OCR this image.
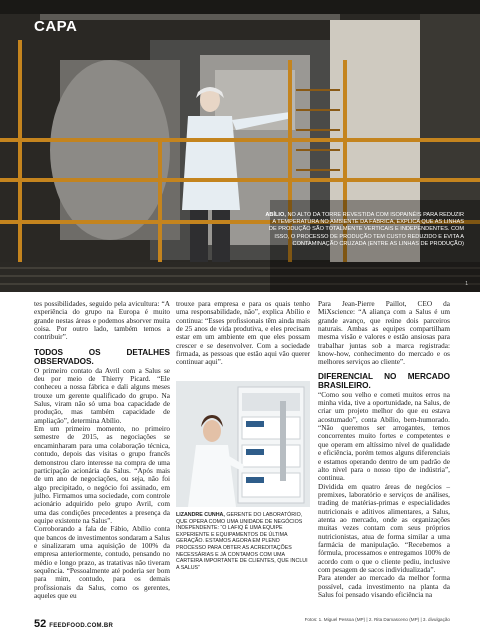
CAPA
ABÍLIO, NO ALTO DA TORRE REVESTIDA COM ISOPAINÉIS PARA REDUZIR A TEMPERATURA NO AMBIENTE DA FÁBRICA, EXPLICA QUE AS LINHAS DE PRODUÇÃO SÃO TOTALMENTE VERTICAIS E INDEPENDENTES. COM ISSO, O PROCESSO DE PRODUÇÃO TEM CUSTO REDUZIDO E EVITA A CONTAMINAÇÃO CRUZADA (ENTRE AS LINHAS DE PRODUÇÃO)
1

tes possibilidades, seguido pela avicultura: “A experiência do grupo na Europa é muito grande nestas áreas e podemos absorver muita coisa. Por outro lado, também temos a contribuir”.

TODOS OS DETALHES OBSERVADOS.

O primeiro contato da Avril com a Salus se deu por meio de Thierry Picard. “Ele conheceu a nossa fábrica e dali alguns meses trouxe um gerente qualificado do grupo. Na Salus, viram não só uma boa capacidade de produção, mas também capacidade de ampliação”, determina Abílio.

Em um primeiro momento, no primeiro semestre de 2015, as negociações se encaminharam para uma colaboração técnica, contudo, depois das visitas o grupo francês demonstrou claro interesse na compra de uma participação acionária da Salus. “Após mais de um ano de negociações, ou seja, não foi algo precipitado, o negócio foi assinado, em julho. Firmamos uma sociedade, com controle acionário adquirido pelo grupo Avril, com uma das condições precedentes a presença da equipe existente na Salus”.

Corroborando a fala de Fábio, Abílio conta que bancos de investimentos sondaram a Salus e sinalizaram uma aquisição de 100% da empresa anteriormente, contudo, pensando no médio e longo prazo, as tratativas não tiveram sequência. “Pessoalmente até poderia ser bom para mim, contudo, para os demais profissionais da Salus, como os gerentes, aqueles que eu

trouxe para empresa e para os quais tenho uma responsabilidade, não”, explica Abílio e continua: “Esses profissionais têm ainda mais de 25 anos de vida produtiva, e eles precisam estar em um ambiente em que eles possam crescer e se desenvolver. Com a sociedade firmada, as pessoas que estão aqui vão querer continuar aqui”.

LIZANDRE CUNHA, GERENTE DO LABORATÓRIO, QUE OPERA COMO UMA UNIDADE DE NEGÓCIOS INDEPENDENTE: “O LAFIQ É UMA EQUIPE EXPERIENTE E EQUIPAMENTOS DE ÚLTIMA GERAÇÃO. ESTAMOS AGORA EM PLENO PROCESSO PARA OBTER AS ACREDITAÇÕES NECESSÁRIAS E JÁ CONTAMOS COM UMA CARTEIRA IMPORTANTE DE CLIENTES, QUE INCLUI A SALUS”

Para Jean-Pierre Paillot, CEO da MiXscience: “A aliança com a Salus é um grande avanço, que reúne dois parceiros naturais. Ambas as equipes compartilham mesma visão e valores e estão ansiosas para trabalhar juntas sob a marca registrada: know-how, conhecimento do mercado e os melhores serviços ao cliente”.

DIFERENCIAL NO MERCADO BRASILEIRO.

“Como sou velho e cometi muitos erros na minha vida, tive a oportunidade, na Salus, de criar um projeto melhor do que eu estava acostumado”, conta Abílio, bem-humorado. “Não queremos ser arrogantes, temos concorrentes muito fortes e competentes e que operam em altíssimo nível de qualidade e eficiência, porém temos alguns diferenciais e estamos operando dentro de um padrão de alto nível para o nosso tipo de indústria”, continua.

Dividida em quatro áreas de negócios – premixes, laboratório e serviços de análises, trading de matérias-primas e especialidades nutricionais e aditivos alimentares, a Salus, atenta ao mercado, onde as organizações muitas vezes contam com seus próprios nutricionistas, atua de forma similar a uma farmácia de manipulação. “Recebemos a fórmula, processamos e entregamos 100% de acordo com o que o cliente pediu, inclusive com pesagem de sacos individualizada”.

Para atender ao mercado da melhor forma possível, cada investimento na planta da Salus foi pensado visando eficiência na

52 FEEDFOOD.COM.BR
Fotos: 1. Miguel Pessoa (MP) | 2. Rita Damasceno (MP) | 3. divulgação
